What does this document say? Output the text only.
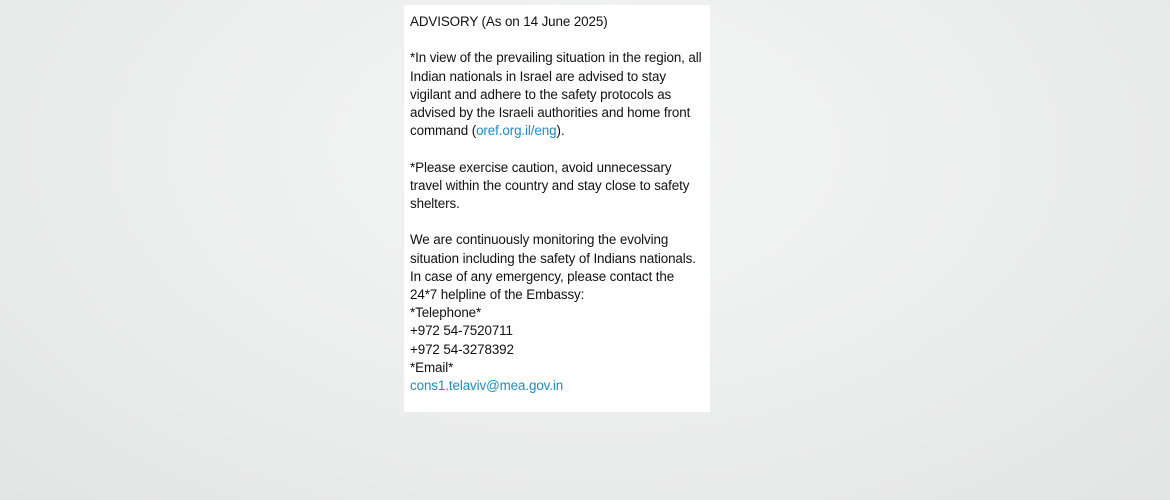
ADVISORY (As on 14 June 2025)

*In view of the prevailing situation in the region, all Indian nationals in Israel are advised to stay vigilant and adhere to the safety protocols as advised by the Israeli authorities and home front command (oref.org.il/eng).

*Please exercise caution, avoid unnecessary travel within the country and stay close to safety shelters.

We are continuously monitoring the evolving situation including the safety of Indians nationals. In case of any emergency, please contact the 24*7 helpline of the Embassy:

*Telephone*

+972 54-7520711

+972 54-3278392

*Email*

cons1.telaviv@mea.gov.in
